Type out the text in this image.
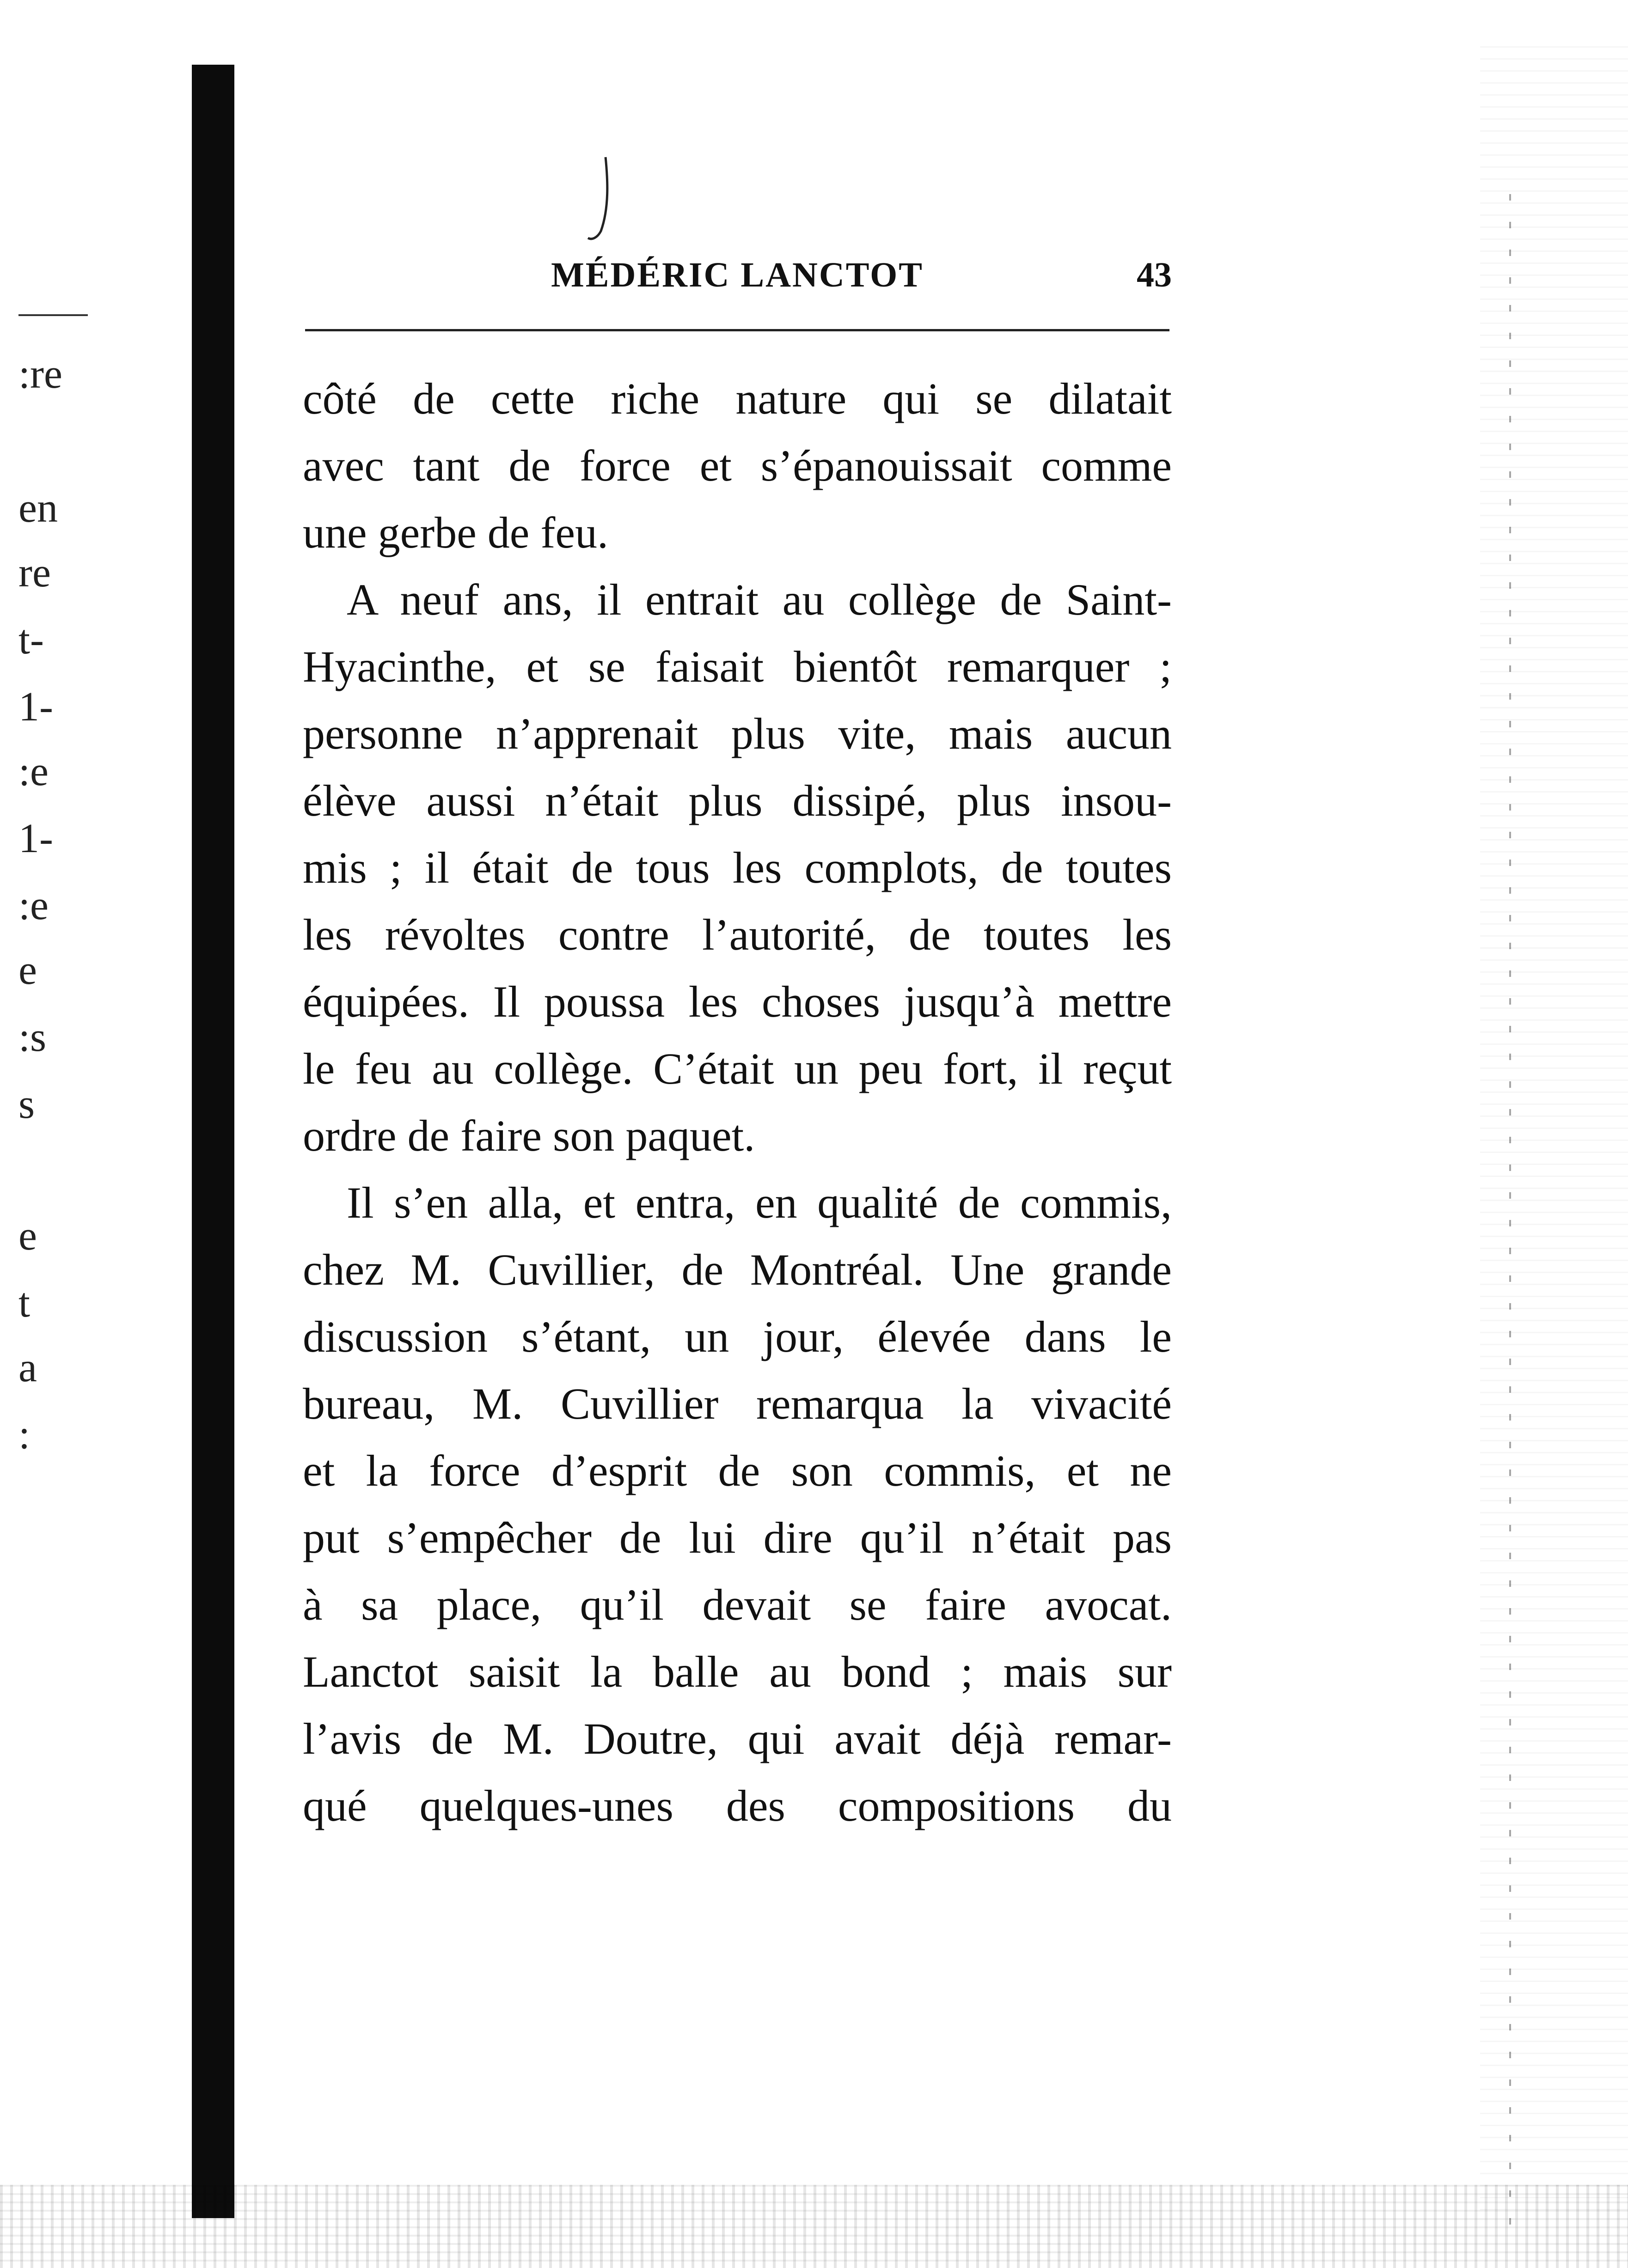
:re
en
re
t-
1-
:e
1-
:e
e
:s
s
e
t
a
:
MÉDÉRIC LANCTOT	43
côté de cette riche nature qui se dilatait
avec tant de force et s’épanouissait comme
une gerbe de feu.
A neuf ans, il entrait au collège de Saint-
Hyacinthe, et se faisait bientôt remarquer ;
personne n’apprenait plus vite, mais aucun
élève aussi n’était plus dissipé, plus insou-
mis ; il était de tous les complots, de toutes
les révoltes contre l’autorité, de toutes les
équipées. Il poussa les choses jusqu’à mettre
le feu au collège. C’était un peu fort, il reçut
ordre de faire son paquet.
Il s’en alla, et entra, en qualité de commis,
chez M. Cuvillier, de Montréal. Une grande
discussion s’étant, un jour, élevée dans le
bureau, M. Cuvillier remarqua la vivacité
et la force d’esprit de son commis, et ne
put s’empêcher de lui dire qu’il n’était pas
à sa place, qu’il devait se faire avocat.
Lanctot saisit la balle au bond ; mais sur
l’avis de M. Doutre, qui avait déjà remar-
qué quelques-unes des compositions du
